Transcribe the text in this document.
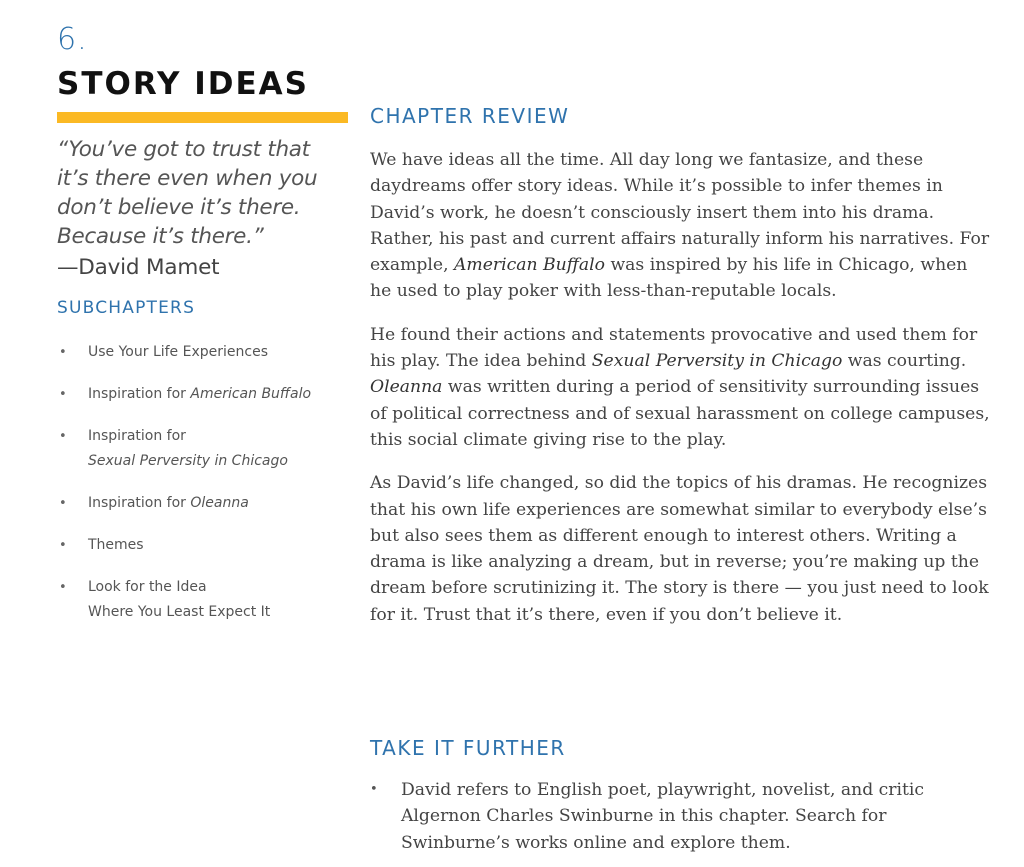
6.
STORY IDEAS
“You’ve got to trust that it’s there even when you don’t believe it’s there. Because it’s there.”
—David Mamet
SUBCHAPTERS
• Use Your Life Experiences
• Inspiration for American Buffalo
• Inspiration for
Sexual Perversity in Chicago
• Inspiration for Oleanna
• Themes
• Look for the Idea
Where You Least Expect It
CHAPTER REVIEW

We have ideas all the time. All day long we fantasize, and these daydreams offer story ideas. While it’s possible to infer themes in David’s work, he doesn’t consciously insert them into his drama. Rather, his past and current affairs naturally inform his narratives. For example, American Buffalo was inspired by his life in Chicago, when he used to play poker with less-than-reputable locals.

He found their actions and statements provocative and used them for his play. The idea behind Sexual Perversity in Chicago was courting. Oleanna was written during a period of sensitivity surrounding issues of political correctness and of sexual harassment on college campuses, this social climate giving rise to the play.

As David’s life changed, so did the topics of his dramas. He recognizes that his own life experiences are somewhat similar to everybody else’s but also sees them as different enough to interest others. Writing a drama is like analyzing a dream, but in reverse; you’re making up the dream before scrutinizing it. The story is there — you just need to look for it. Trust that it’s there, even if you don’t believe it.

TAKE IT FURTHER
• David refers to English poet, playwright, novelist, and critic Algernon Charles Swinburne in this chapter. Search for Swinburne’s works online and explore them.
